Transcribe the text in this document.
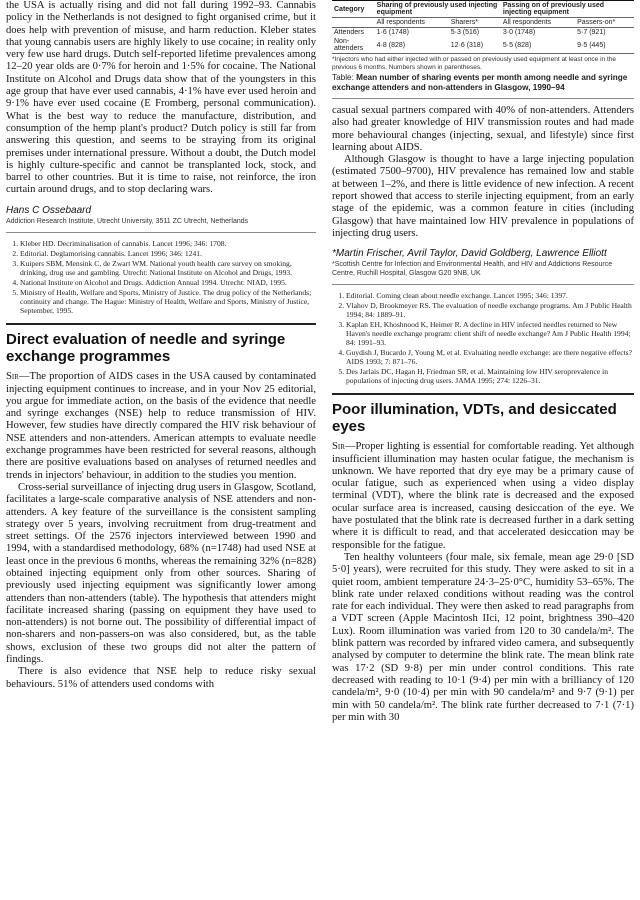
the USA is actually rising and did not fall during 1992–93. Cannabis policy in the Netherlands is not designed to fight organised crime, but it does help with prevention of misuse, and harm reduction. Kleber states that young cannabis users are highly likely to use cocaine; in reality only very few use hard drugs. Dutch self-reported lifetime prevalences among 12–20 year olds are 0·7% for heroin and 1·5% for cocaine. The National Institute on Alcohol and Drugs data show that of the youngsters in this age group that have ever used cannabis, 4·1% have ever used heroin and 9·1% have ever used cocaine (E Fromberg, personal communication). What is the best way to reduce the manufacture, distribution, and consumption of the hemp plant's product? Dutch policy is still far from answering this question, and seems to be straying from its original premises under international pressure. Without a doubt, the Dutch model is highly culture-specific and cannot be transplanted lock, stock, and barrel to other countries. But it is time to raise, not reinforce, the iron curtain around drugs, and to stop declaring wars.

Hans C Ossebaard
Addiction Research Institute, Utrecht University, 3511 ZC Utrecht, Netherlands
1. Kleber HD. Decriminalisation of cannabis. Lancet 1996; 346: 1708.
2. Editorial. Deglamorising cannabis. Lancet 1996; 346: 1241.
3. Kuipers SBM, Mensink C, de Zwart WM. National youth health care survey on smoking, drinking, drug use and gambling. Utrecht: National Institute on Alcohol and Drugs, 1993.
4. National Institute on Alcohol and Drugs. Addiction Annual 1994. Utrecht: NIAD, 1995.
5. Ministry of Health, Welfare and Sports, Ministry of Justice. The drug policy of the Netherlands; continuity and change. The Hague: Ministry of Health, Welfare and Sports, Ministry of Justice, September, 1995.
Direct evaluation of needle and syringe exchange programmes

Sir—The proportion of AIDS cases in the USA caused by contaminated injecting equipment continues to increase, and in your Nov 25 editorial, you argue for immediate action, on the basis of the evidence that needle and syringe exchanges (NSE) help to reduce transmission of HIV. However, few studies have directly compared the HIV risk behaviour of NSE attenders and non-attenders. American attempts to evaluate needle exchange programmes have been restricted for several reasons, although there are positive evaluations based on analyses of returned needles and trends in injectors' behaviour, in addition to the studies you mention.

Cross-serial surveillance of injecting drug users in Glasgow, Scotland, facilitates a large-scale comparative analysis of NSE attenders and non-attenders. A key feature of the surveillance is the consistent sampling strategy over 5 years, involving recruitment from drug-treatment and street settings. Of the 2576 injectors interviewed between 1990 and 1994, with a standardised methodology, 68% (n=1748) had used NSE at least once in the previous 6 months, whereas the remaining 32% (n=828) obtained injecting equipment only from other sources. Sharing of previously used injecting equipment was significantly lower among attenders than non-attenders (table). The hypothesis that attenders might facilitate increased sharing (passing on equipment they have used to non-attenders) is not borne out. The possibility of differential impact of non-sharers and non-passers-on was also considered, but, as the table shows, exclusion of these two groups did not alter the pattern of findings.

There is also evidence that NSE help to reduce risky sexual behaviours. 51% of attenders used condoms with

Category	Sharing of previously used injecting equipment		Passing on of previously used injecting equipment	
	All respondents	Sharers*	All respondents	Passers-on*
Attenders	1·6 (1748)	5·3 (516)	3·0 (1748)	5·7 (921)
Non-attenders	4·8 (828)	12·6 (318)	5·5 (828)	9·5 (445)
*Injectors who had either injected with or passed on previously used equipment at least once in the previous 6 months. Numbers shown in parentheses.
Table: Mean number of sharing events per month among needle and syringe exchange attenders and non-attenders in Glasgow, 1990–94

casual sexual partners compared with 40% of non-attenders. Attenders also had greater knowledge of HIV transmission routes and had made more behavioural changes (injecting, sexual, and lifestyle) since first learning about AIDS.

Although Glasgow is thought to have a large injecting population (estimated 7500–9700), HIV prevalence has remained low and stable at between 1–2%, and there is little evidence of new infection. A recent report showed that access to sterile injecting equipment, from an early stage of the epidemic, was a common feature in cities (including Glasgow) that have maintained low HIV prevalence in populations of injecting drug users.

*Martin Frischer, Avril Taylor, David Goldberg, Lawrence Elliott
*Scottish Centre for Infection and Environmental Health, and HIV and Addictions Resource Centre, Ruchill Hospital, Glasgow G20 9NB, UK
1. Editorial. Coming clean about needle exchange. Lancet 1995; 346: 1397.
2. Vlahov D, Brookmeyer RS. The evaluation of needle exchange programs. Am J Public Health 1994; 84: 1889–91.
3. Kaplan EH, Khoshnood K, Heimer R. A decline in HIV infected needles returned to New Haven's needle exchange program: client shift of needle exchange? Am J Public Health 1994; 84: 1991–93.
4. Guydish J, Bucardo J, Young M, et al. Evaluating needle exchange: are there negative effects? AIDS 1993; 7: 871–76.
5. Des Jarlais DC, Hagan H, Friedman SR, et al. Maintaining low HIV seroprevalence in populations of injecting drug users. JAMA 1995; 274: 1226–31.
Poor illumination, VDTs, and desiccated eyes

Sir—Proper lighting is essential for comfortable reading. Yet although insufficient illumination may hasten ocular fatigue, the mechanism is unknown. We have reported that dry eye may be a primary cause of ocular fatigue, such as experienced when using a video display terminal (VDT), where the blink rate is decreased and the exposed ocular surface area is increased, causing desiccation of the eye. We have postulated that the blink rate is decreased further in a dark setting where it is difficult to read, and that accelerated desiccation may be responsible for the fatigue.

Ten healthy volunteers (four male, six female, mean age 29·0 [SD 5·0] years), were recruited for this study. They were asked to sit in a quiet room, ambient temperature 24·3–25·0°C, humidity 53–65%. The blink rate under relaxed conditions without reading was the control rate for each individual. They were then asked to read paragraphs from a VDT screen (Apple Macintosh IIci, 12 point, brightness 390–420 Lux). Room illumination was varied from 120 to 30 candela/m². The blink pattern was recorded by infrared video camera, and subsequently analysed by computer to determine the blink rate. The mean blink rate was 17·2 (SD 9·8) per min under control conditions. This rate decreased with reading to 10·1 (9·4) per min with a brilliancy of 120 candela/m², 9·0 (10·4) per min with 90 candela/m² and 9·7 (9·1) per min with 50 candela/m². The blink rate further decreased to 7·1 (7·1) per min with 30
